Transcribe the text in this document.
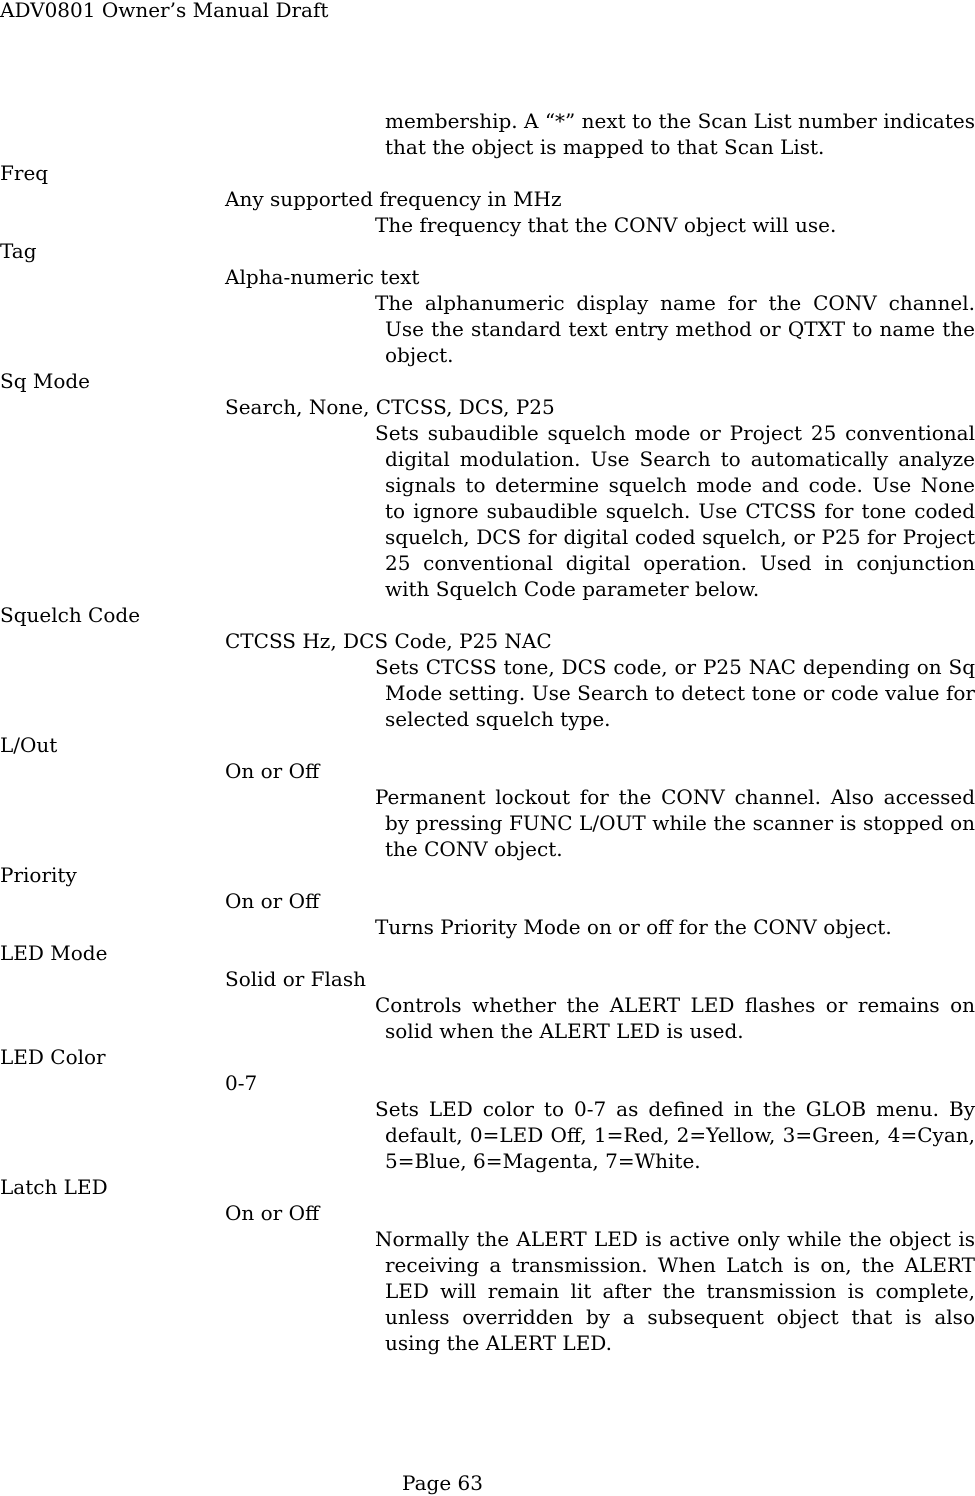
ADV0801 Owner’s Manual Draft
membership. A “*” next to the Scan List number indicates that the object is mapped to that Scan List.
Freq
Any supported frequency in MHz
The frequency that the CONV object will use.
Tag
Alpha-numeric text
The alphanumeric display name for the CONV channel. Use the standard text entry method or QTXT to name the object.
Sq Mode
Search, None, CTCSS, DCS, P25
Sets subaudible squelch mode or Project 25 conventional digital modulation. Use Search to automatically analyze signals to determine squelch mode and code. Use None to ignore subaudible squelch. Use CTCSS for tone coded squelch, DCS for digital coded squelch, or P25 for Project 25 conventional digital operation. Used in conjunction with Squelch Code parameter below.
Squelch Code
CTCSS Hz, DCS Code, P25 NAC
Sets CTCSS tone, DCS code, or P25 NAC depending on Sq Mode setting. Use Search to detect tone or code value for selected squelch type.
L/Out
On or Off
Permanent lockout for the CONV channel. Also accessed by pressing FUNC L/OUT while the scanner is stopped on the CONV object.
Priority
On or Off
Turns Priority Mode on or off for the CONV object.
LED Mode
Solid or Flash
Controls whether the ALERT LED flashes or remains on solid when the ALERT LED is used.
LED Color
0-7
Sets LED color to 0-7 as defined in the GLOB menu. By default, 0=LED Off, 1=Red, 2=Yellow, 3=Green, 4=Cyan, 5=Blue, 6=Magenta, 7=White.
Latch LED
On or Off
Normally the ALERT LED is active only while the object is receiving a transmission. When Latch is on, the ALERT LED will remain lit after the transmission is complete, unless overridden by a subsequent object that is also using the ALERT LED.
Page 63
